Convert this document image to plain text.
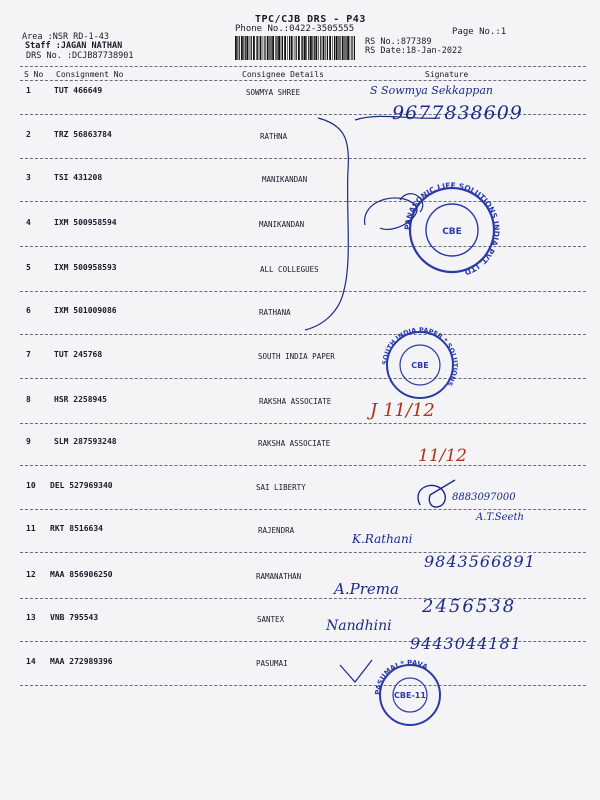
TPC/CJB DRS - P43
Phone No.:0422-3505555	Page No.:1
Area :NSR RD-1-43
Staff :JAGAN NATHAN
DRS No. :DCJB87738901
RS No.:877389
RS Date:18-Jan-2022
S No Consignment No	Consignee Details	Signature
1	TUT 466649	SOWMYA SHREE
2	TRZ 56863784	RATHNA
3	TSI 431208	MANIKANDAN
4	IXM 500958594	MANIKANDAN
5	IXM 500958593	ALL COLLEGUES
6	IXM 501009086	RATHANA
7	TUT 245768	SOUTH INDIA PAPER
8	HSR 2258945	RAKSHA ASSOCIATE
9	SLM 287593248	RAKSHA ASSOCIATE
10 DEL 527969340	SAI LIBERTY
11 RKT 8516634	RAJENDRA
12 MAA 856906250	RAMANATHAN
13 VNB 795543	SANTEX
14 MAA 272989396	PASUMAI
PANASONIC LIFE SOLUTIONS INDIA PVT. LTD
CBE
SOUTH INDIA PAPER * SOLUTIONS
CBE
PASUMAI * PAVA
CBE-11
S Sowmya Sekkappan
9677838609
J 11/12
11/12
8883097000
A.T.Seeth
K.Rathani
9843566891
A.Prema
2456538
Nandhini
9443044181
